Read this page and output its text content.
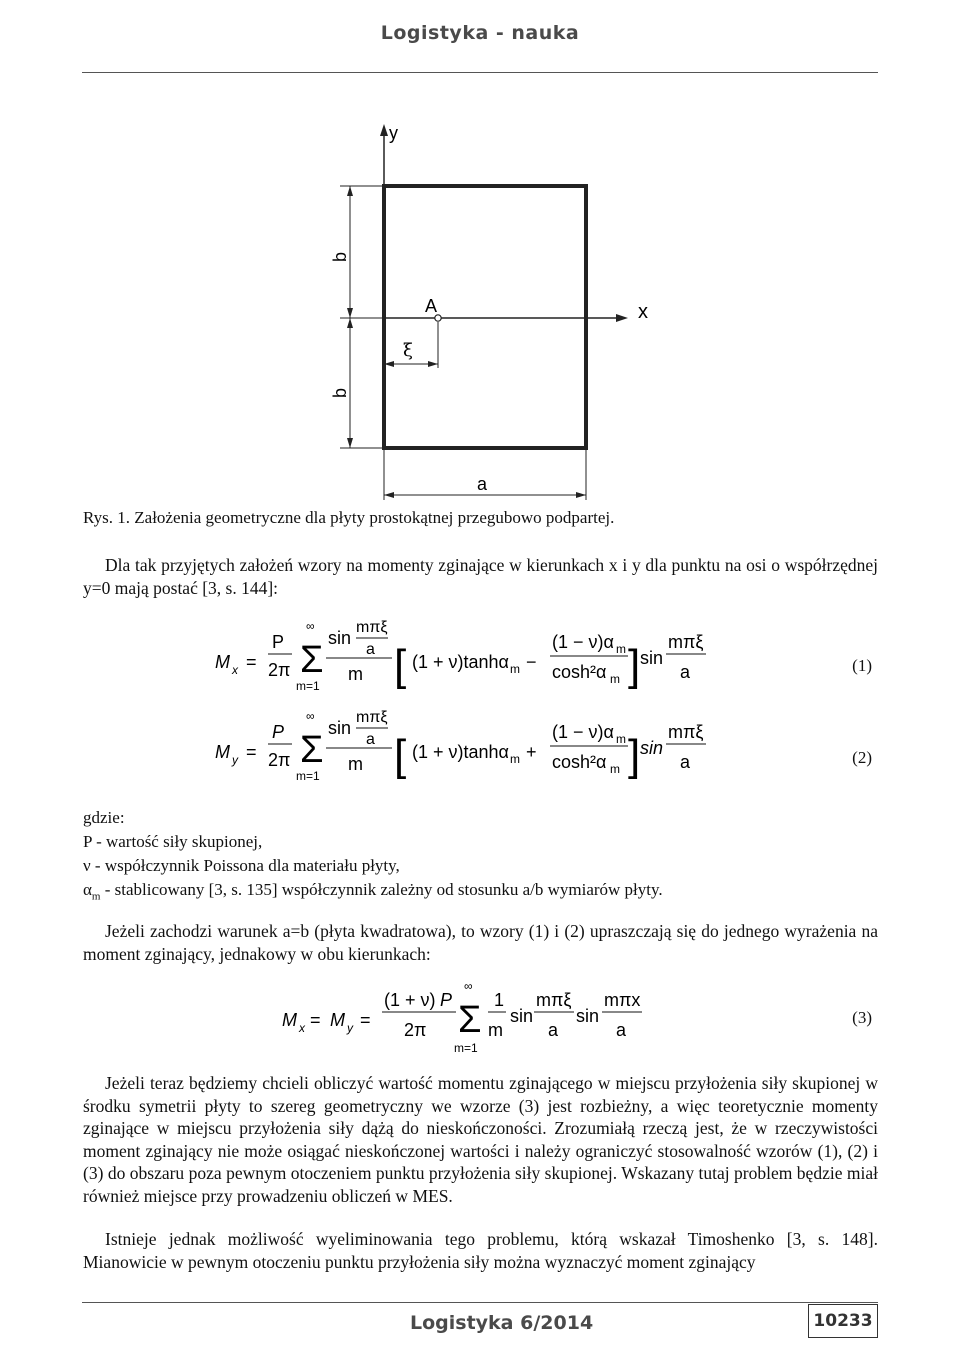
Logistyka - nauka
y
x
A
ξ
b
b
a
Rys. 1. Założenia geometryczne dla płyty prostokątnej przegubowo podpartej.
Dla tak przyjętych założeń wzory na momenty zginające w kierunkach x i y dla punktu na osi o współrzędnej y=0 mają postać [3, s. 144]:
M x =
P
2π Σ
∞
m=1
sin
mπξ
a
m [ (1 + ν)tanhα m −
(1 − ν)α m
cosh²α m ] sin
mπξ
a	(1)
M y =
P
2π Σ
∞
m=1
sin
mπξ
a
m [ (1 + ν)tanhα m +
(1 − ν)α m
cosh²α m ] sin
mπξ
a	(2)
gdzie:
P - wartość siły skupionej,
ν - współczynnik Poissona dla materiału płyty,
$\alpha_m$ - stablicowany [3, s. 135] współczynnik zależny od stosunku a/b wymiarów płyty.
Jeżeli zachodzi warunek a=b (płyta kwadratowa), to wzory (1) i (2) upraszczają się do jednego wyrażenia na moment zginający, jednakowy w obu kierunkach:
M x = M y =
(1 + ν) P
2π Σ
∞
m=1
1
m
sin
mπξ
a
sin
mπx
a
(3)
Jeżeli teraz będziemy chcieli obliczyć wartość momentu zginającego w miejscu przyłożenia siły skupionej w środku symetrii płyty to szereg geometryczny we wzorze (3) jest rozbieżny, a więc teoretycznie momenty zginające w miejscu przyłożenia siły dążą do nieskończoności. Zrozumiałą rzeczą jest, że w rzeczywistości moment zginający nie może osiągać nieskończonej wartości i należy ograniczyć stosowalność wzorów (1), (2) i (3) do obszaru poza pewnym otoczeniem punktu przyłożenia siły skupionej. Wskazany tutaj problem będzie miał również miejsce przy prowadzeniu obliczeń w MES.
Istnieje jednak możliwość wyeliminowania tego problemu, którą wskazał Timoshenko [3, s. 148]. Mianowicie w pewnym otoczeniu punktu przyłożenia siły można wyznaczyć moment zginający
Logistyka 6/2014	10233
